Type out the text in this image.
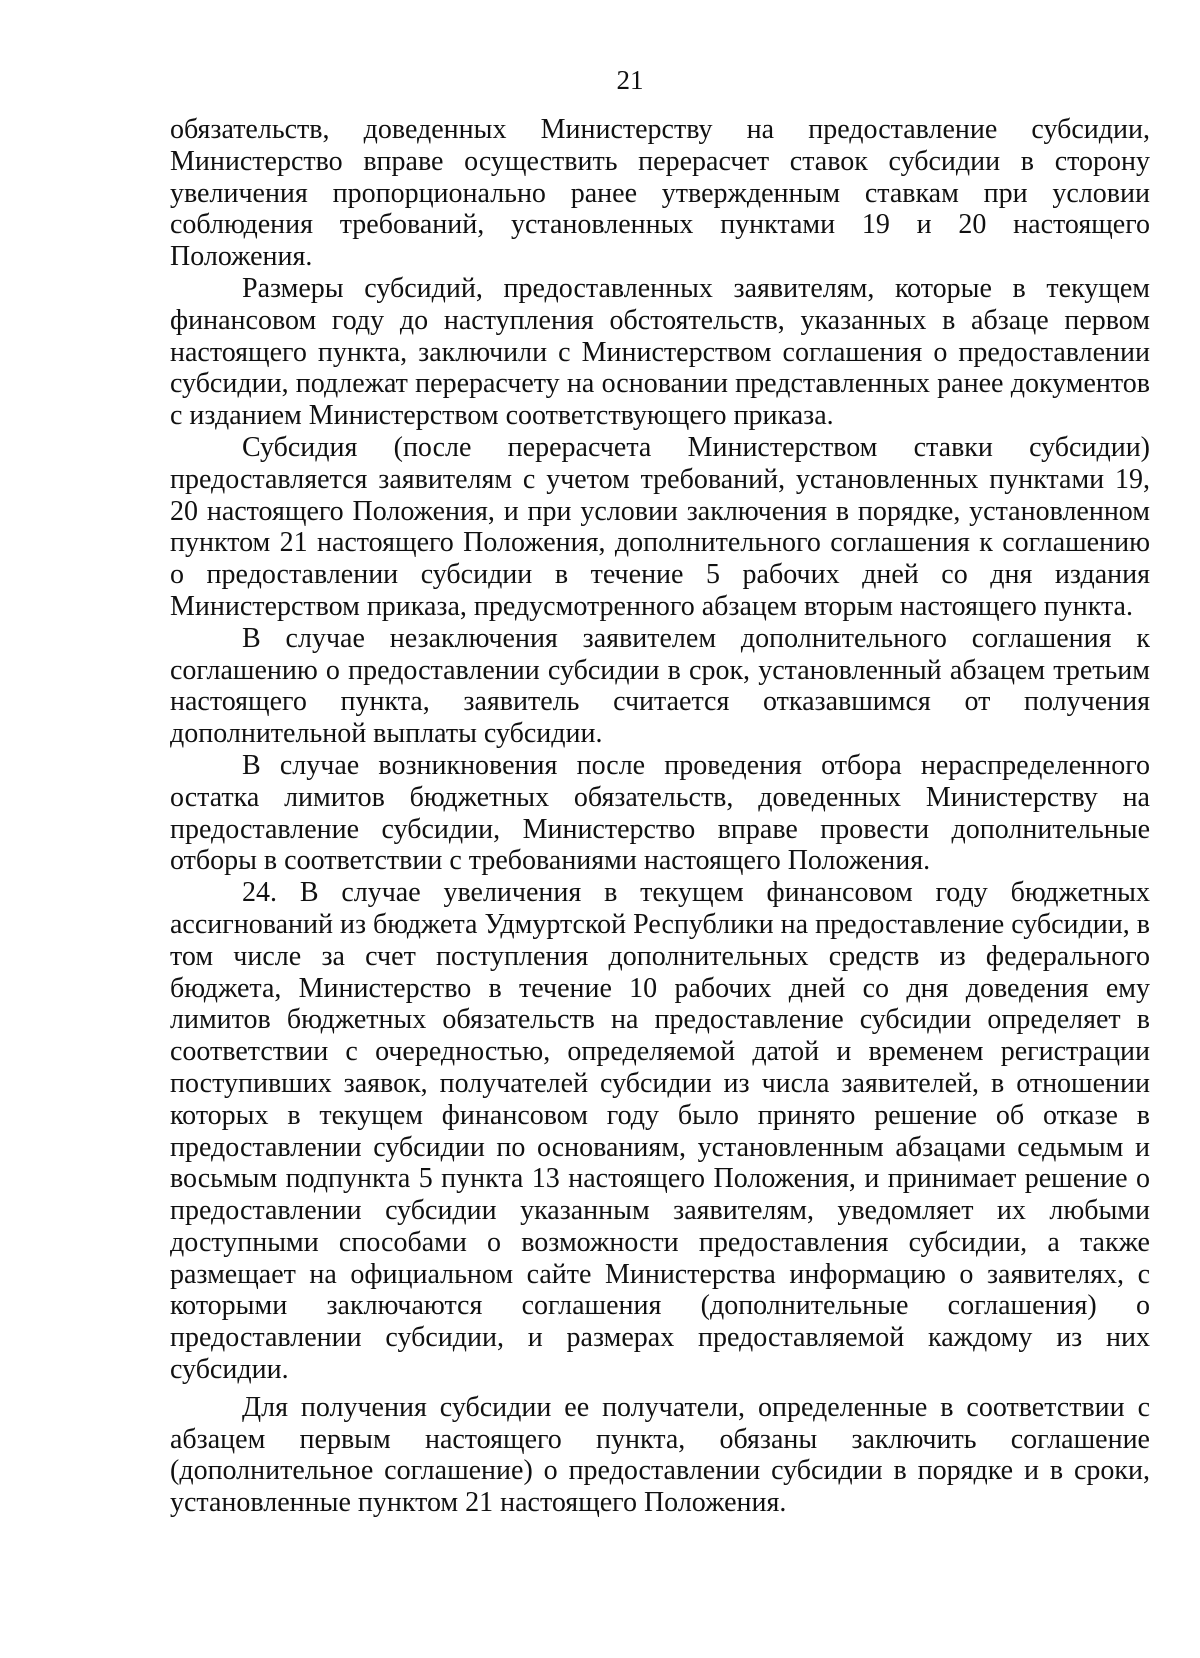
21

обязательств, доведенных Министерству на предоставление субсидии, Министерство вправе осуществить перерасчет ставок субсидии в сторону увеличения пропорционально ранее утвержденным ставкам при условии соблюдения требований, установленных пунктами 19 и 20 настоящего Положения.

Размеры субсидий, предоставленных заявителям, которые в текущем финансовом году до наступления обстоятельств, указанных в абзаце первом настоящего пункта, заключили с Министерством соглашения о предоставлении субсидии, подлежат перерасчету на основании представленных ранее документов с изданием Министерством соответствующего приказа.

Субсидия (после перерасчета Министерством ставки субсидии) предоставляется заявителям с учетом требований, установленных пунктами 19, 20 настоящего Положения, и при условии заключения в порядке, установленном пунктом 21 настоящего Положения, дополнительного соглашения к соглашению о предоставлении субсидии в течение 5 рабочих дней со дня издания Министерством приказа, предусмотренного абзацем вторым настоящего пункта.

В случае незаключения заявителем дополнительного соглашения к соглашению о предоставлении субсидии в срок, установленный абзацем третьим настоящего пункта, заявитель считается отказавшимся от получения дополнительной выплаты субсидии.

В случае возникновения после проведения отбора нераспределенного остатка лимитов бюджетных обязательств, доведенных Министерству на предоставление субсидии, Министерство вправе провести дополнительные отборы в соответствии с требованиями настоящего Положения.

24. В случае увеличения в текущем финансовом году бюджетных ассигнований из бюджета Удмуртской Республики на предоставление субсидии, в том числе за счет поступления дополнительных средств из федерального бюджета, Министерство в течение 10 рабочих дней со дня доведения ему лимитов бюджетных обязательств на предоставление субсидии определяет в соответствии с очередностью, определяемой датой и временем регистрации поступивших заявок, получателей субсидии из числа заявителей, в отношении которых в текущем финансовом году было принято решение об отказе в предоставлении субсидии по основаниям, установленным абзацами седьмым и восьмым подпункта 5 пункта 13 настоящего Положения, и принимает решение о предоставлении субсидии указанным заявителям, уведомляет их любыми доступными способами о возможности предоставления субсидии, а также размещает на официальном сайте Министерства информацию о заявителях, с которыми заключаются соглашения (дополнительные соглашения) о предоставлении субсидии, и размерах предоставляемой каждому из них субсидии.

Для получения субсидии ее получатели, определенные в соответствии с абзацем первым настоящего пункта, обязаны заключить соглашение (дополнительное соглашение) о предоставлении субсидии в порядке и в сроки, установленные пунктом 21 настоящего Положения.
